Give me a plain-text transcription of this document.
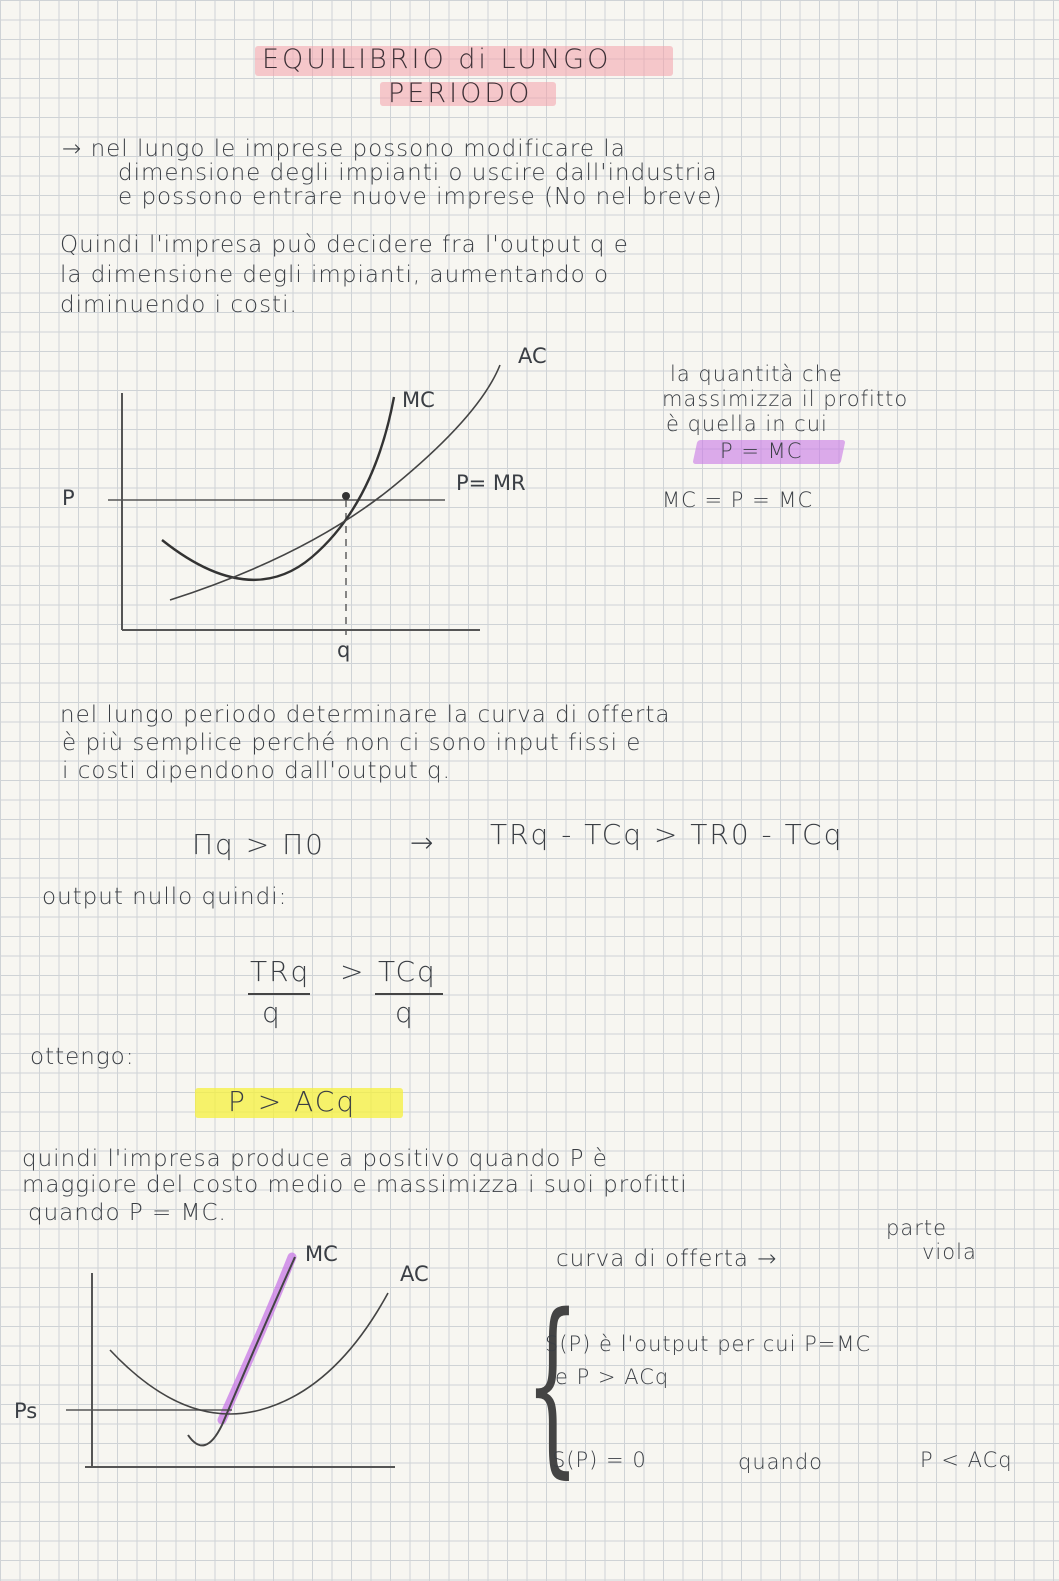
EQUILIBRIO di LUNGO
PERIODO
→ nel lungo le imprese possono modificare la
dimensione degli impianti o uscire dall'industria
e possono entrare nuove imprese (No nel breve)
Quindi l'impresa può decidere fra l'output q e
la dimensione degli impianti, aumentando o
diminuendo i costi.
AC
MC
P= MR
P
q
la quantità che
massimizza il profitto
è quella in cui
P = MC
MC = P = MC
nel lungo periodo determinare la curva di offerta
è più semplice perché non ci sono input fissi e
i costi dipendono dall'output q.
Πq > Π0	→ TRq - TCq > TR0 - TCq
output nullo quindi:
TRq
q
> TCq
q
ottengo:
P > ACq
quindi l'impresa produce a positivo quando P è
maggiore del costo medio e massimizza i suoi profitti
quando P = MC.
MC
AC
Ps
parte
viola
curva di offerta →
{
S(P) è l'output per cui P=MC
e P > ACq
S(P) = 0	quando	P < ACq
